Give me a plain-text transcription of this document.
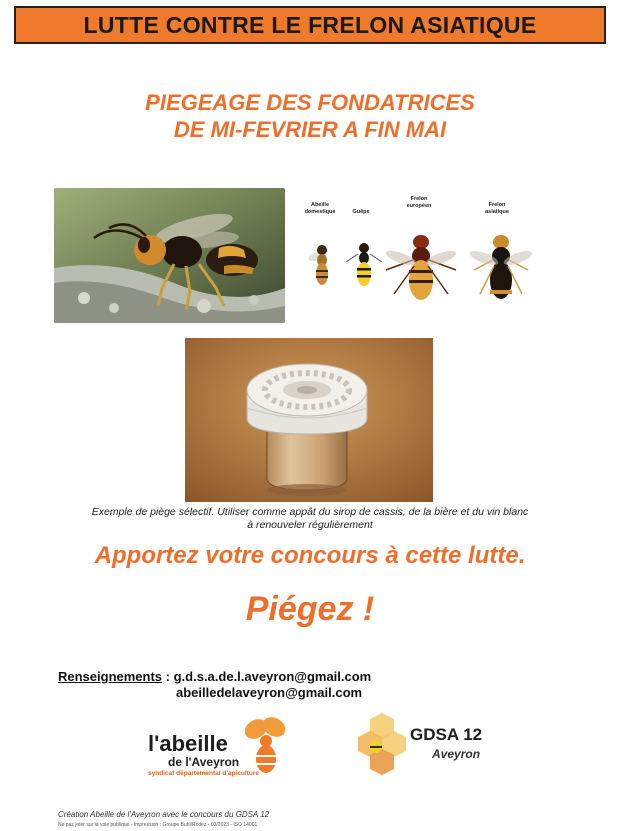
LUTTE CONTRE LE FRELON ASIATIQUE
PIEGEAGE DES FONDATRICES
DE MI-FEVRIER A FIN MAI
Abeille
domestique	Guêpe
Frelon
européen	Frelon
asiatique
Exemple de piège sélectif. Utiliser comme appât du sirop de cassis, de la bière et du vin blanc
à renouveler régulièrement
Apportez votre concours à cette lutte.
Piégez !
Renseignements : g.d.s.a.de.l.aveyron@gmail.com
abeilledelaveyron@gmail.com
l'abeille
de l'Aveyron
syndicat départemental d'apiculture
GDSA 12
Aveyron
Création Abeille de l'Aveyron avec le concours du GDSA 12
Ne pas jeter sur la voie publique - Impression : Groupe Buhl/Rodez - 03/2023 - ISO 14001
